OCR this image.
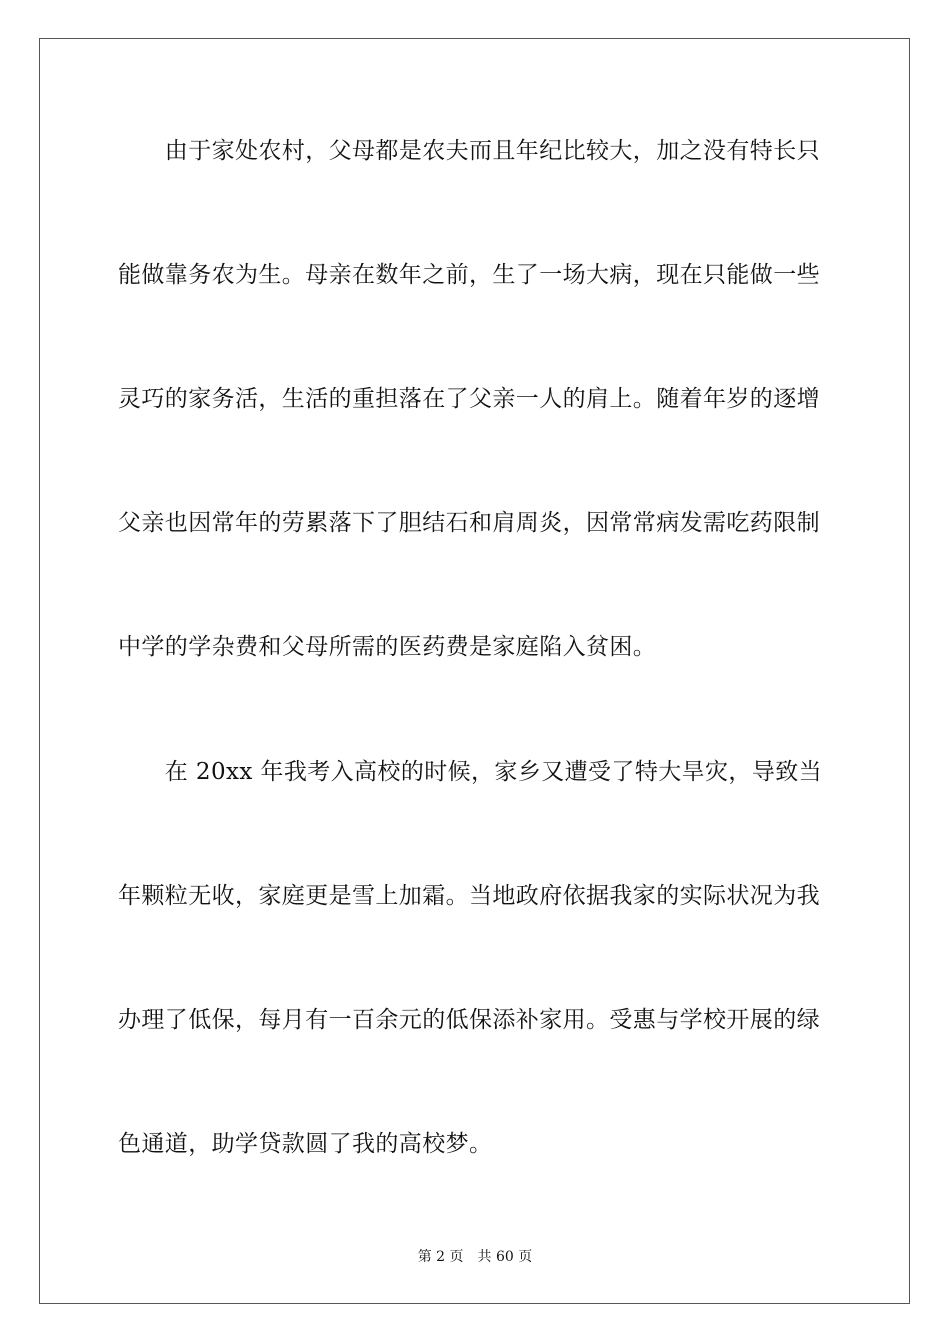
　　由于家处农村，父母都是农夫而且年纪比较大，加之没有特长只
能做靠务农为生。母亲在数年之前，生了一场大病，现在只能做一些
灵巧的家务活，生活的重担落在了父亲一人的肩上。随着年岁的逐增
父亲也因常年的劳累落下了胆结石和肩周炎，因常常病发需吃药限制
中学的学杂费和父母所需的医药费是家庭陷入贫困。
　　在 20xx 年我考入高校的时候，家乡又遭受了特大旱灾，导致当
年颗粒无收，家庭更是雪上加霜。当地政府依据我家的实际状况为我
办理了低保，每月有一百余元的低保添补家用。受惠与学校开展的绿
色通道，助学贷款圆了我的高校梦。
第 2 页 共 60 页
